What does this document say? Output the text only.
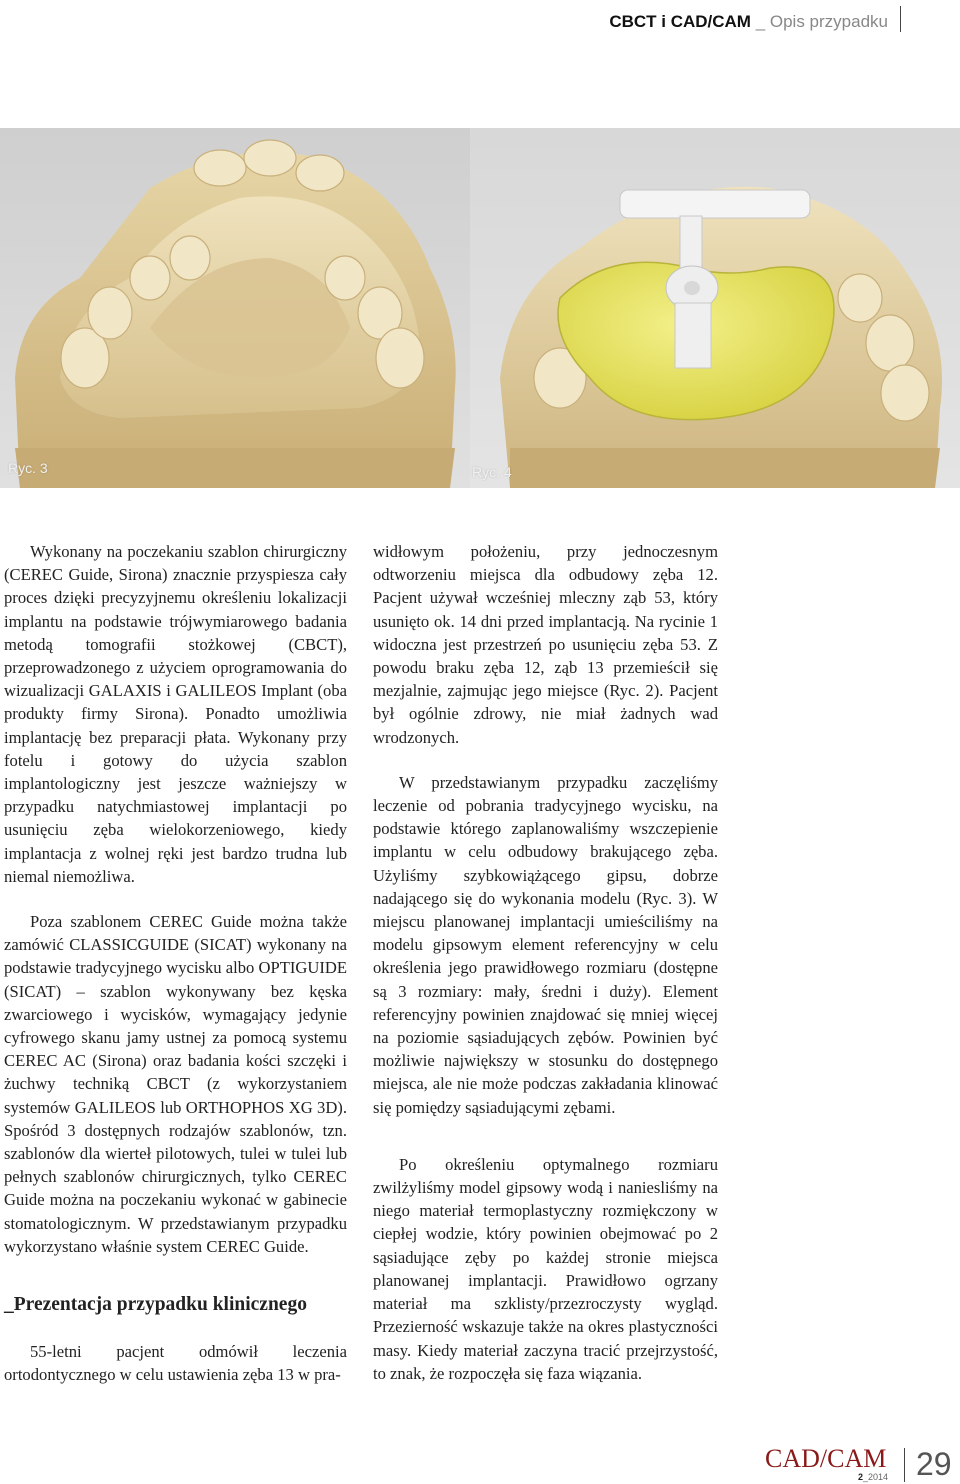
CBCT i CAD/CAM _ Opis przypadku
Ryc. 3	Ryc. 4

Wykonany na poczekaniu szablon chirurgiczny (CEREC Guide, Sirona) znacznie przyspiesza cały proces dzięki precyzyjnemu określeniu lokalizacji implantu na podstawie trójwymiarowego badania metodą tomografii stożkowej (CBCT), przeprowadzonego z użyciem oprogramowania do wizualizacji GALAXIS i GALILEOS Implant (oba produkty firmy Sirona). Ponadto umożliwia implantację bez preparacji płata. Wykonany przy fotelu i gotowy do użycia szablon implantologiczny jest jeszcze ważniejszy w przypadku natychmiastowej implantacji po usunięciu zęba wielokorzeniowego, kiedy implantacja z wolnej ręki jest bardzo trudna lub niemal niemożliwa.

Poza szablonem CEREC Guide można także zamówić CLASSICGUIDE (SICAT) wykonany na podstawie tradycyjnego wycisku albo OPTIGUIDE (SICAT) – szablon wykonywany bez kęska zwarciowego i wycisków, wymagający jedynie cyfrowego skanu jamy ustnej za pomocą systemu CEREC AC (Sirona) oraz badania kości szczęki i żuchwy techniką CBCT (z wykorzystaniem systemów GALILEOS lub ORTHOPHOS XG 3D). Spośród 3 dostępnych rodzajów szablonów, tzn. szablonów dla wierteł pilotowych, tulei w tulei lub pełnych szablonów chirurgicznych, tylko CEREC Guide można na poczekaniu wykonać w gabinecie stomatologicznym. W przedstawianym przypadku wykorzystano właśnie system CEREC Guide.

_Prezentacja przypadku klinicznego

55-letni pacjent odmówił leczenia ortodontycznego w celu ustawienia zęba 13 w pra-

widłowym położeniu, przy jednoczesnym odtworzeniu miejsca dla odbudowy zęba 12. Pacjent używał wcześniej mleczny ząb 53, który usunięto ok. 14 dni przed implantacją. Na rycinie 1 widoczna jest przestrzeń po usunięciu zęba 53. Z powodu braku zęba 12, ząb 13 przemieścił się mezjalnie, zajmując jego miejsce (Ryc. 2). Pacjent był ogólnie zdrowy, nie miał żadnych wad wrodzonych.

W przedstawianym przypadku zaczęliśmy leczenie od pobrania tradycyjnego wycisku, na podstawie którego zaplanowaliśmy wszczepienie implantu w celu odbudowy brakującego zęba. Użyliśmy szybkowiążącego gipsu, dobrze nadającego się do wykonania modelu (Ryc. 3). W miejscu planowanej implantacji umieściliśmy na modelu gipsowym element referencyjny w celu określenia jego prawidłowego rozmiaru (dostępne są 3 rozmiary: mały, średni i duży). Element referencyjny powinien znajdować się mniej więcej na poziomie sąsiadujących zębów. Powinien być możliwie największy w stosunku do dostępnego miejsca, ale nie może podczas zakładania klinować się pomiędzy sąsiadującymi zębami.

Po określeniu optymalnego rozmiaru zwilżyliśmy model gipsowy wodą i naniesliśmy na niego materiał termoplastyczny rozmiękczony w ciepłej wodzie, który powinien obejmować po 2 sąsiadujące zęby po każdej stronie miejsca planowanej implantacji. Prawidłowo ogrzany materiał ma szklisty/przezroczysty wygląd. Przezierność wskazuje także na okres plastyczności masy. Kiedy materiał zaczyna tracić przejrzystość, to znak, że rozpoczęła się faza wiązania.

CAD/CAM
2_2014 29
